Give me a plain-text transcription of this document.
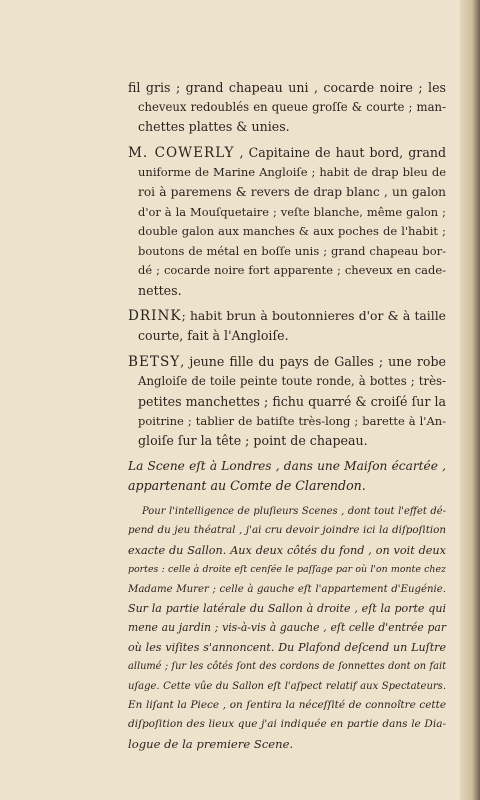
fil gris ; grand chapeau uni , cocarde noire ; les
cheveux redoublés en queue groſſe & courte ; man-
chettes plattes & unies.
M. COWERLY , Capitaine de haut bord, grand
uniforme de Marine Angloiſe ; habit de drap bleu de
roi à paremens & revers de drap blanc , un galon
d'or à la Mouſquetaire ; veſte blanche, même galon ;
double galon aux manches & aux poches de l'habit ;
boutons de métal en boſſe unis ; grand chapeau bor-
dé ; cocarde noire fort apparente ; cheveux en cade-
nettes.
DRINK; habit brun à boutonnieres d'or & à taille
courte, fait à l'Angloiſe.
BETSY, jeune fille du pays de Galles ; une robe
Angloiſe de toile peinte toute ronde, à bottes ; très-
petites manchettes ; fichu quarré & croiſé ſur la
poitrine ; tablier de batiſte très-long ; barette à l'An-
gloiſe ſur la tête ; point de chapeau.
La Scene eſt à Londres , dans une Maiſon écartée ,
appartenant au Comte de Clarendon.
Pour l'intelligence de pluſieurs Scenes , dont tout l'effet dé-
pend du jeu théatral , j'ai cru devoir joindre ici la diſpoſition
exacte du Sallon. Aux deux côtés du fond , on voit deux
portes : celle à droite eſt cenſée le paſſage par où l'on monte chez
Madame Murer ; celle à gauche eſt l'appartement d'Eugénie.
Sur la partie latérale du Sallon à droite , eſt la porte qui
mene au jardin ; vis-à-vis à gauche , eſt celle d'entrée par
où les viſites s'annoncent. Du Plafond deſcend un Luſtre
allumé ; ſur les côtés ſont des cordons de ſonnettes dont on fait
uſage. Cette vûe du Sallon eſt l'aſpect relatif aux Spectateurs.
En liſant la Piece , on ſentira la néceſſité de connoître cette
diſpoſition des lieux que j'ai indiquée en partie dans le Dia-
logue de la premiere Scene.
